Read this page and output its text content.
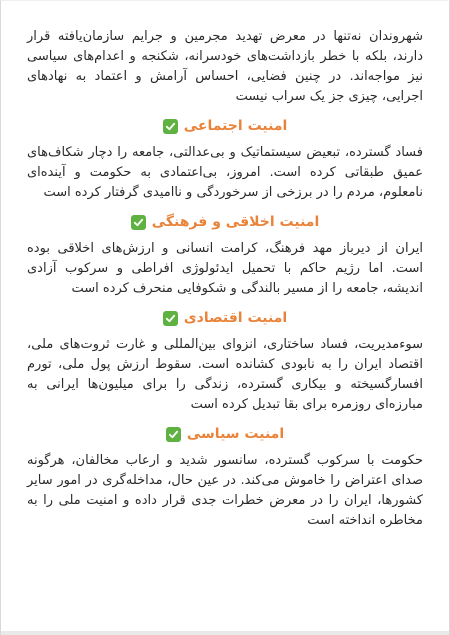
شهروندان نه‌تنها در معرض تهدید مجرمین و جرایم سازمان‌یافته قرار دارند، بلکه با خطر بازداشت‌های خودسرانه، شکنجه و اعدام‌های سیاسی نیز مواجه‌اند. در چنین فضایی، احساس آرامش و اعتماد به نهادهای اجرایی، چیزی جز یک سراب نیست

امنیت اجتماعی

فساد گسترده، تبعیض سیستماتیک و بی‌عدالتی، جامعه را دچار شکاف‌های عمیق طبقاتی کرده است. امروز، بی‌اعتمادی به حکومت و آینده‌ای نامعلوم، مردم را در برزخی از سرخوردگی و ناامیدی گرفتار کرده است

امنیت اخلاقی و فرهنگی

ایران از دیرباز مهد فرهنگ، کرامت انسانی و ارزش‌های اخلاقی بوده است. اما رژیم حاکم با تحمیل ایدئولوژی افراطی و سرکوب آزادی اندیشه، جامعه را از مسیر بالندگی و شکوفایی منحرف کرده است

امنیت اقتصادی

سوءمدیریت، فساد ساختاری، انزوای بین‌المللی و غارت ثروت‌های ملی، اقتصاد ایران را به نابودی کشانده است. سقوط ارزش پول ملی، تورم افسارگسیخته و بیکاری گسترده، زندگی را برای میلیون‌ها ایرانی به مبارزه‌ای روزمره برای بقا تبدیل کرده است

امنیت سیاسی

حکومت با سرکوب گسترده، سانسور شدید و ارعاب مخالفان، هرگونه صدای اعتراض را خاموش می‌کند. در عین حال، مداخله‌گری در امور سایر کشورها، ایران را در معرض خطرات جدی قرار داده و امنیت ملی را به مخاطره انداخته است
